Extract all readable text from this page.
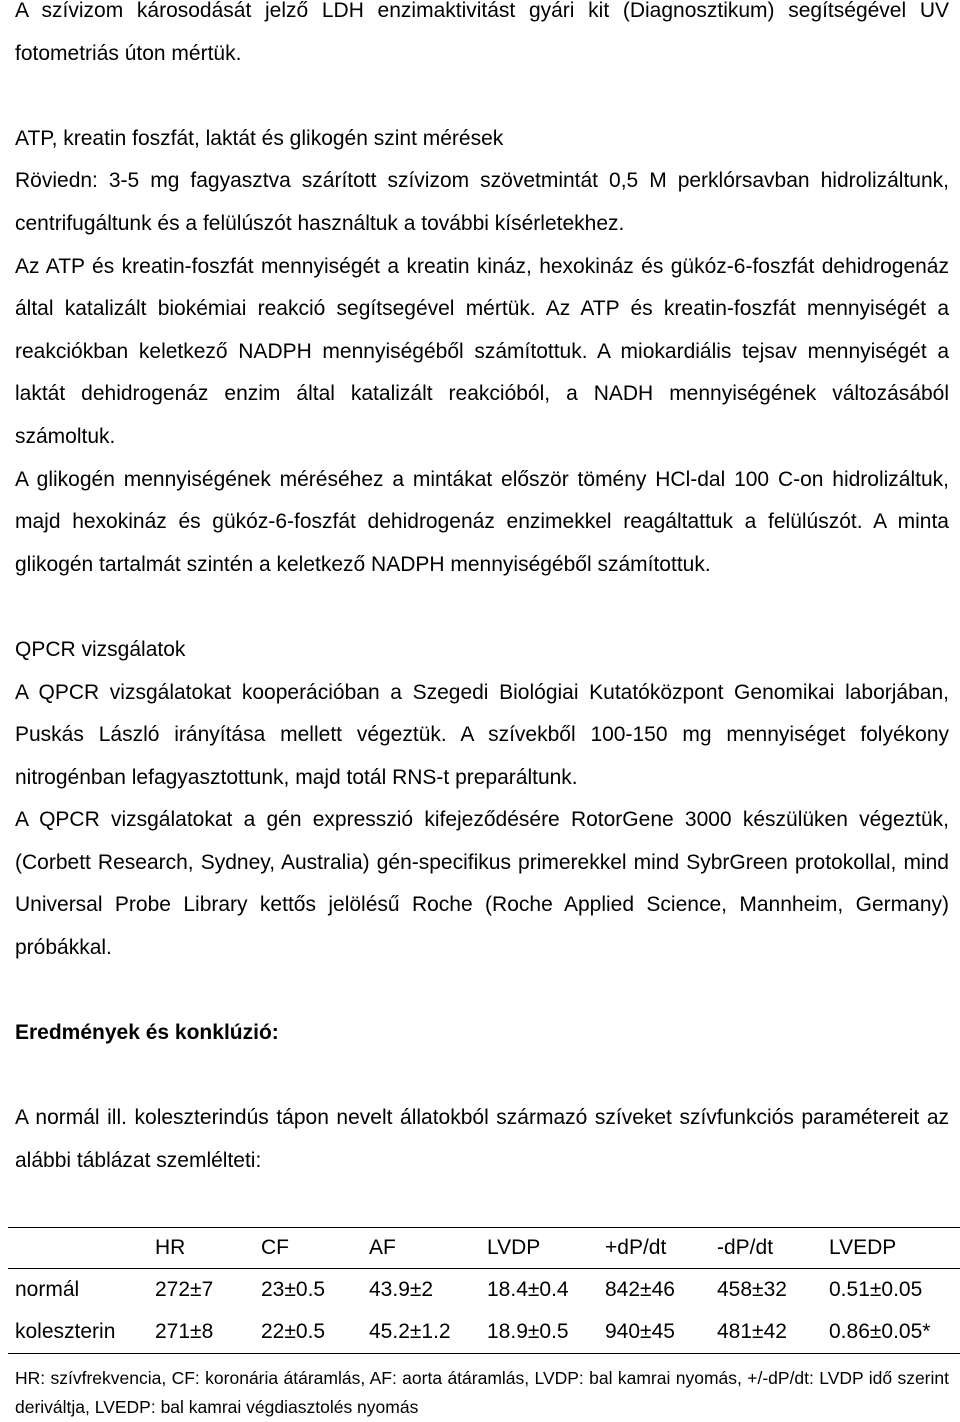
A szívizom károsodását jelző LDH enzimaktivitást gyári kit (Diagnosztikum) segítségével UV fotometriás úton mértük.

ATP, kreatin foszfát, laktát és glikogén szint mérések

Röviedn: 3-5 mg fagyasztva szárított szívizom szövetmintát 0,5 M perklórsavban hidrolizáltunk, centrifugáltunk és a felülúszót használtuk a további kísérletekhez.

Az ATP és kreatin-foszfát mennyiségét a kreatin kináz, hexokináz és gükóz-6-foszfát dehidrogenáz által katalizált biokémiai reakció segítsegével mértük. Az ATP és kreatin-foszfát mennyiségét a reakciókban keletkező NADPH mennyiségéből számítottuk. A miokardiális tejsav mennyiségét a laktát dehidrogenáz enzim által katalizált reakcióból, a NADH mennyiségének változásából számoltuk.

A glikogén mennyiségének méréséhez a mintákat először tömény HCl-dal 100 C-on hidrolizáltuk, majd hexokináz és gükóz-6-foszfát dehidrogenáz enzimekkel reagáltattuk a felülúszót. A minta glikogén tartalmát szintén a keletkező NADPH mennyiségéből számítottuk.

QPCR vizsgálatok

A QPCR vizsgálatokat kooperációban a Szegedi Biológiai Kutatóközpont Genomikai laborjában, Puskás László irányítása mellett végeztük. A szívekből 100-150 mg mennyiséget folyékony nitrogénban lefagyasztottunk, majd totál RNS-t preparáltunk.

A QPCR vizsgálatokat a gén expresszió kifejeződésére RotorGene 3000 készülüken végeztük, (Corbett Research, Sydney, Australia) gén-specifikus primerekkel mind SybrGreen protokollal, mind Universal Probe Library kettős jelölésű Roche (Roche Applied Science, Mannheim, Germany) próbákkal.

Eredmények és konklúzió:

A normál ill. koleszterindús tápon nevelt állatokból származó szíveket szívfunkciós paramétereit az alábbi táblázat szemlélteti:

	HR	CF	AF	LVDP	+dP/dt	-dP/dt	LVEDP
normál	272±7	23±0.5	43.9±2	18.4±0.4	842±46	458±32	0.51±0.05
koleszterin	271±8	22±0.5	45.2±1.2	18.9±0.5	940±45	481±42	0.86±0.05*

HR: szívfrekvencia, CF: koronária átáramlás, AF: aorta átáramlás, LVDP: bal kamrai nyomás, +/-dP/dt: LVDP idő szerint deriváltja, LVEDP: bal kamrai végdiasztolés nyomás
